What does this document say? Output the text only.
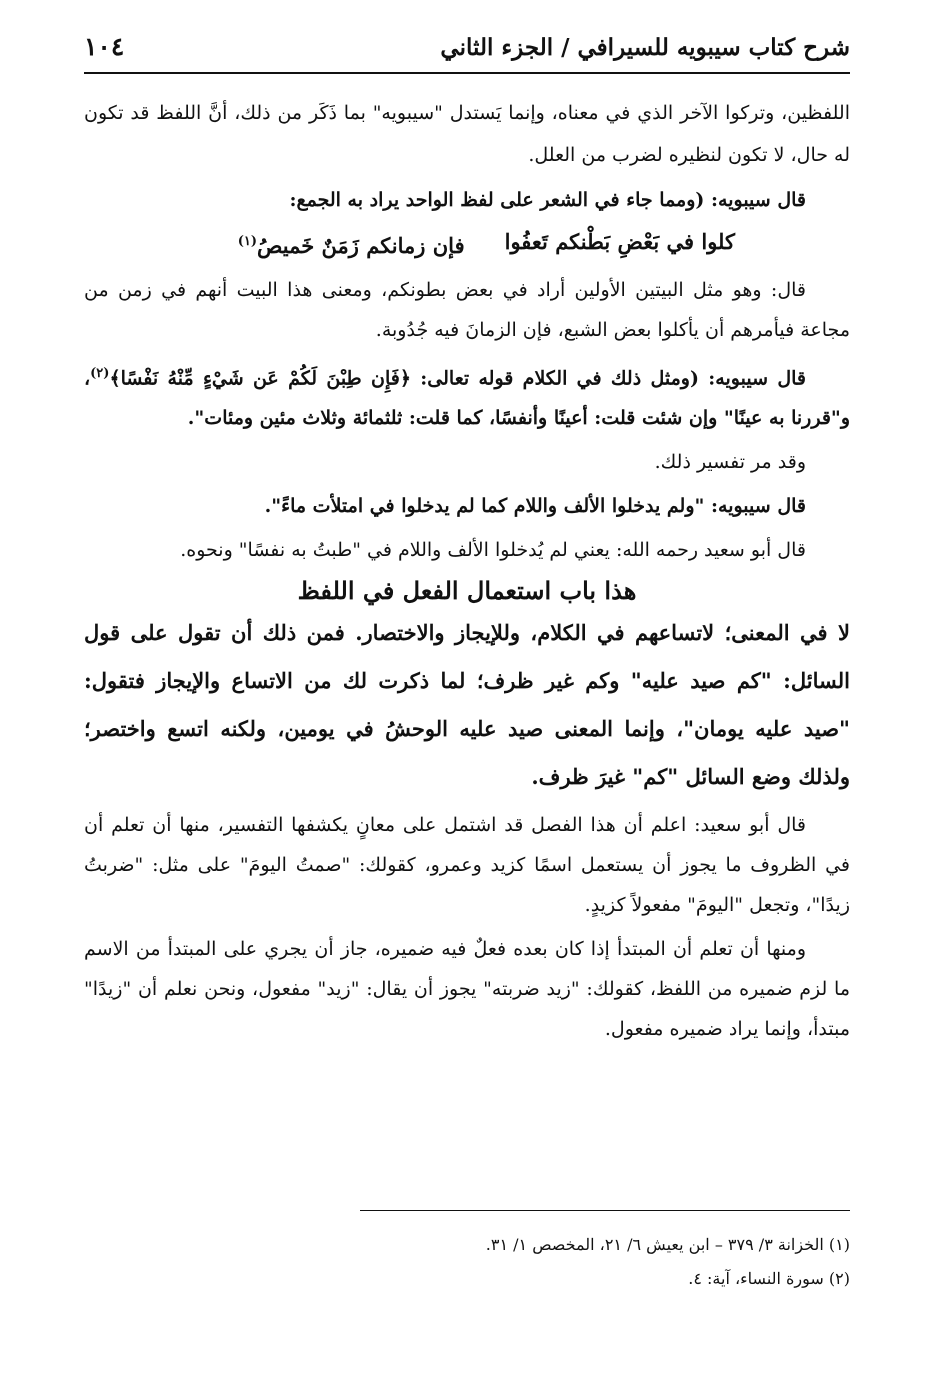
شرح كتاب سيبويه للسيرافي / الجزء الثاني
١٠٤

اللفظين، وتركوا الآخر الذي في معناه، وإنما يَستدل "سيبويه" بما ذَكَر من ذلك، أنَّ اللفظ قد تكون له حال، لا تكون لنظيره لضرب من العلل.

قال سيبويه: (ومما جاء في الشعر على لفظ الواحد يراد به الجمع:

كلوا في بَعْضِ بَطْنكم تَعفُوا
فإن زمانكم زَمَنٌ خَميصُ$^{(١)}$

قال: وهو مثل البيتين الأولين أراد في بعض بطونكم، ومعنى هذا البيت أنهم في زمن من مجاعة فيأمرهم أن يأكلوا بعض الشبع، فإن الزمانَ فيه جُدُوبة.

قال سيبويه: (ومثل ذلك في الكلام قوله تعالى: ﴿فَإِن طِبْنَ لَكُمْ عَن شَيْءٍ مِّنْهُ نَفْسًا﴾$^{(٢)}$، و"قررنا به عينًا" وإن شئت قلت: أعينًا وأنفسًا، كما قلت: ثلثمائة وثلاث مئين ومئات".

وقد مر تفسير ذلك.

قال سيبويه: "ولم يدخلوا الألف واللام كما لم يدخلوا في امتلأت ماءً".

قال أبو سعيد رحمه الله: يعني لم يُدخلوا الألف واللام في "طبتُ به نفسًا" ونحوه.

هذا باب استعمال الفعل في اللفظ

لا في المعنى؛ لاتساعهم في الكلام، وللإيجاز والاختصار. فمن ذلك أن تقول على قول السائل: "كم صيد عليه" وكم غير ظرف؛ لما ذكرت لك من الاتساع والإيجاز فتقول: "صيد عليه يومان"، وإنما المعنى صيد عليه الوحشُ في يومين، ولكنه اتسع واختصر؛ ولذلك وضع السائل "كم" غيرَ ظرف.

قال أبو سعيد: اعلم أن هذا الفصل قد اشتمل على معانٍ يكشفها التفسير، منها أن تعلم أن في الظروف ما يجوز أن يستعمل اسمًا كزيد وعمرو، كقولك: "صمتُ اليومَ" على مثل: "ضربتُ زيدًا"، وتجعل "اليومَ" مفعولاً كزيدٍ.

ومنها أن تعلم أن المبتدأ إذا كان بعده فعلٌ فيه ضميره، جاز أن يجري على المبتدأ من الاسم ما لزم ضميره من اللفظ، كقولك: "زيد ضربته" يجوز أن يقال: "زيد" مفعول، ونحن نعلم أن "زيدًا" مبتدأ، وإنما يراد ضميره مفعول.

(١) الخزانة ٣/ ٣٧٩ – ابن يعيش ٦/ ٢١، المخصص ١/ ٣١.
(٢) سورة النساء، آية: ٤.
